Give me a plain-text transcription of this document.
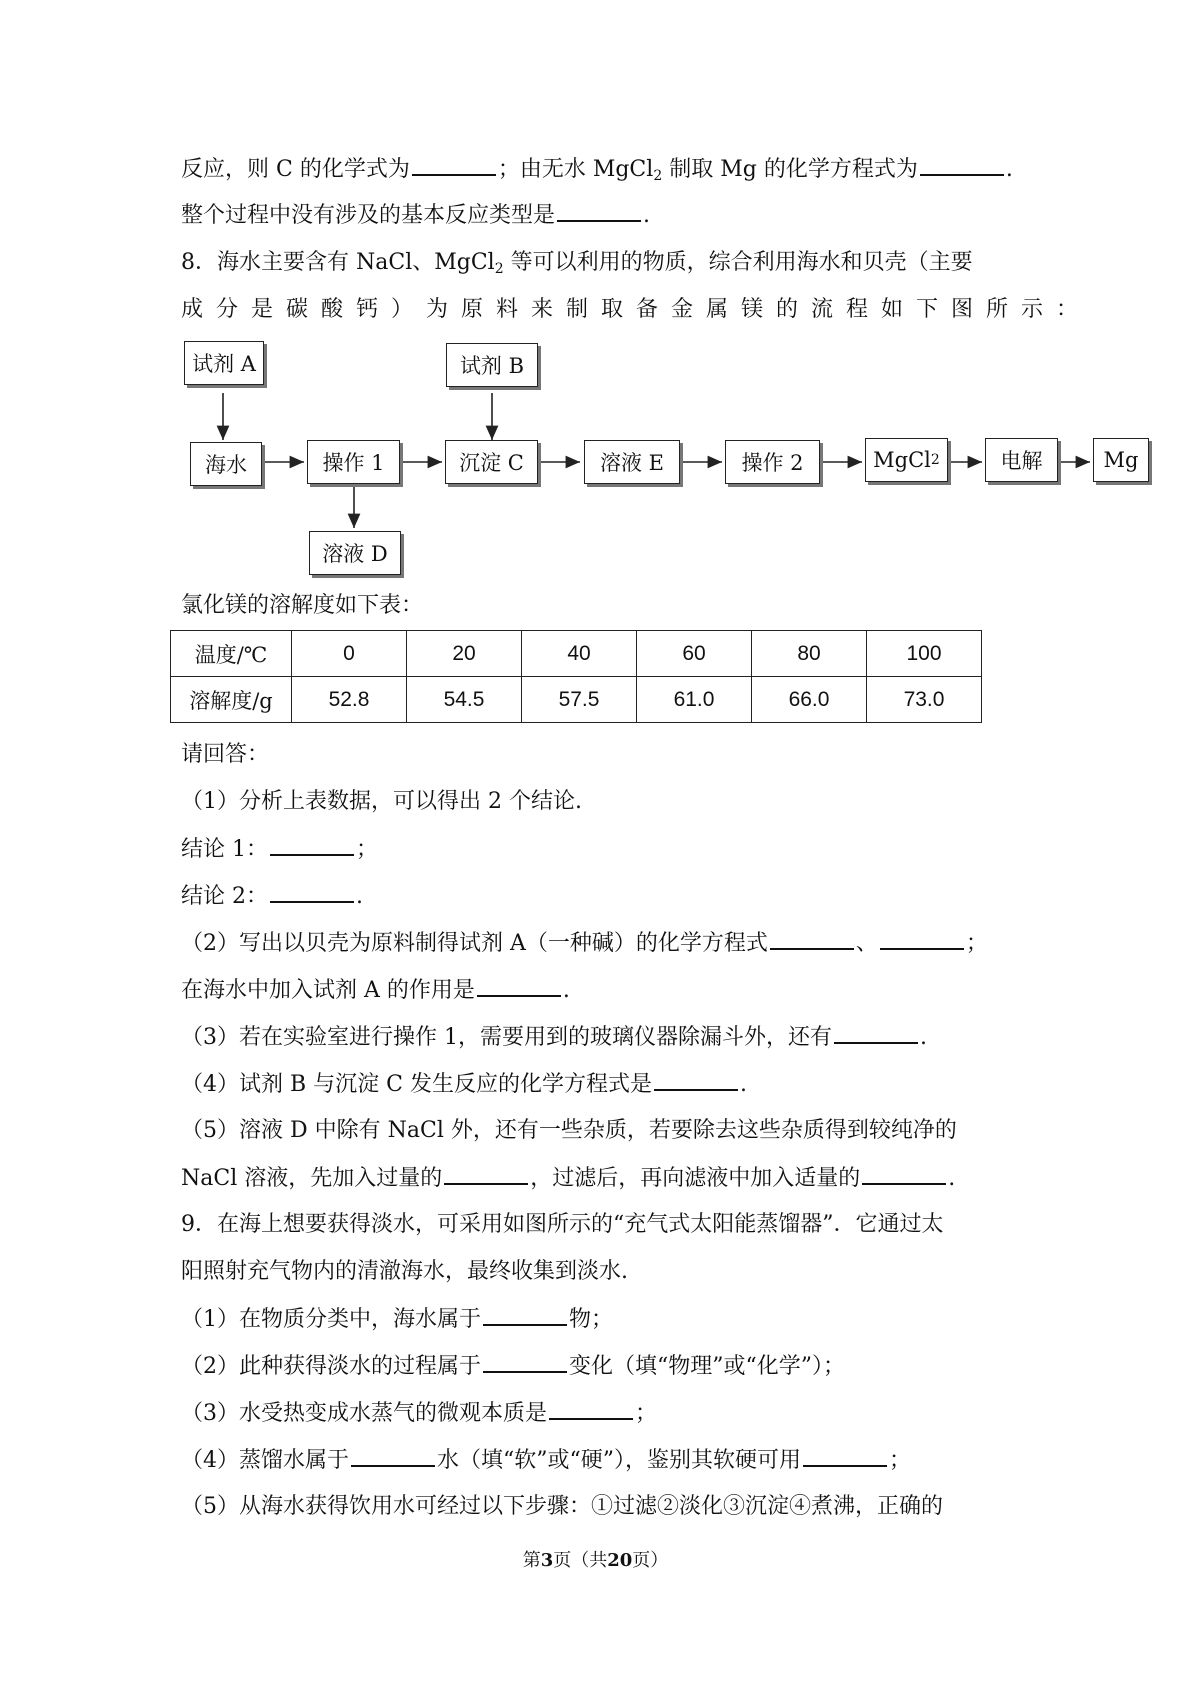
反应，则 C 的化学式为	；由无水 MgCl$_2$ 制取 Mg 的化学方程式为	.
整个过程中没有涉及的基本反应类型是	.
8．海水主要含有 NaCl、MgCl$_2$ 等可以利用的物质，综合利用海水和贝壳（主要
成分是碳酸钙）为原料来制取备金属镁的流程如下图所示：
试剂 A	试剂 B
海水	操作 1	沉淀 C	溶液 E	操作 2	MgCl 2	电解	Mg
溶液 D
氯化镁的溶解度如下表：
温度/℃	0	20	40	60	80	100
溶解度/g	52.8	54.5	57.5	61.0	66.0	73.0
请回答：
（1）分析上表数据，可以得出 2 个结论.
结论 1：	；
结论 2：	.
（2）写出以贝壳为原料制得试剂 A（一种碱）的化学方程式	、	；
在海水中加入试剂 A 的作用是	.
（3）若在实验室进行操作 1，需要用到的玻璃仪器除漏斗外，还有	.
（4）试剂 B 与沉淀 C 发生反应的化学方程式是	.
（5）溶液 D 中除有 NaCl 外，还有一些杂质，若要除去这些杂质得到较纯净的
NaCl 溶液，先加入过量的	，过滤后，再向滤液中加入适量的	.
9．在海上想要获得淡水，可采用如图所示的“充气式太阳能蒸馏器”．它通过太
阳照射充气物内的清澈海水，最终收集到淡水.
（1）在物质分类中，海水属于	物；
（2）此种获得淡水的过程属于	变化（填“物理”或“化学”）；
（3）水受热变成水蒸气的微观本质是	；
（4）蒸馏水属于	水（填“软”或“硬”），鉴别其软硬可用	；
（5）从海水获得饮用水可经过以下步骤：①过滤②淡化③沉淀④煮沸，正确的
第3页（共20页）
